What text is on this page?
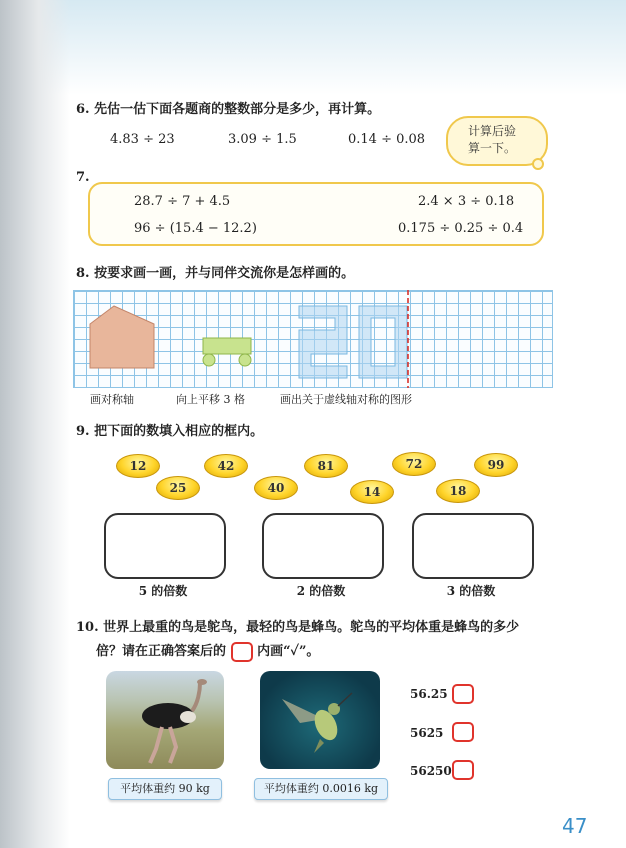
6. 先估一估下面各题商的整数部分是多少，再计算。
4.83 ÷ 23	3.09 ÷ 1.5	0.14 ÷ 0.08
计算后验
算一下。
7.
28.7 ÷ 7 + 4.5	2.4 × 3 ÷ 0.18
96 ÷ (15.4 − 12.2)	0.175 ÷ 0.25 ÷ 0.4
8. 按要求画一画，并与同伴交流你是怎样画的。
画对称轴	向上平移 3 格	画出关于虚线轴对称的图形
9. 把下面的数填入相应的框内。
12
25
42
40
81
14
72
18
99
5 的倍数	2 的倍数	3 的倍数
10. 世界上最重的鸟是鸵鸟，最轻的鸟是蜂鸟。鸵鸟的平均体重是蜂鸟的多少
倍？请在正确答案后的 内画“✓”。
平均体重约 90 kg	平均体重约 0.0016 kg
56.25
5625
56250
47
